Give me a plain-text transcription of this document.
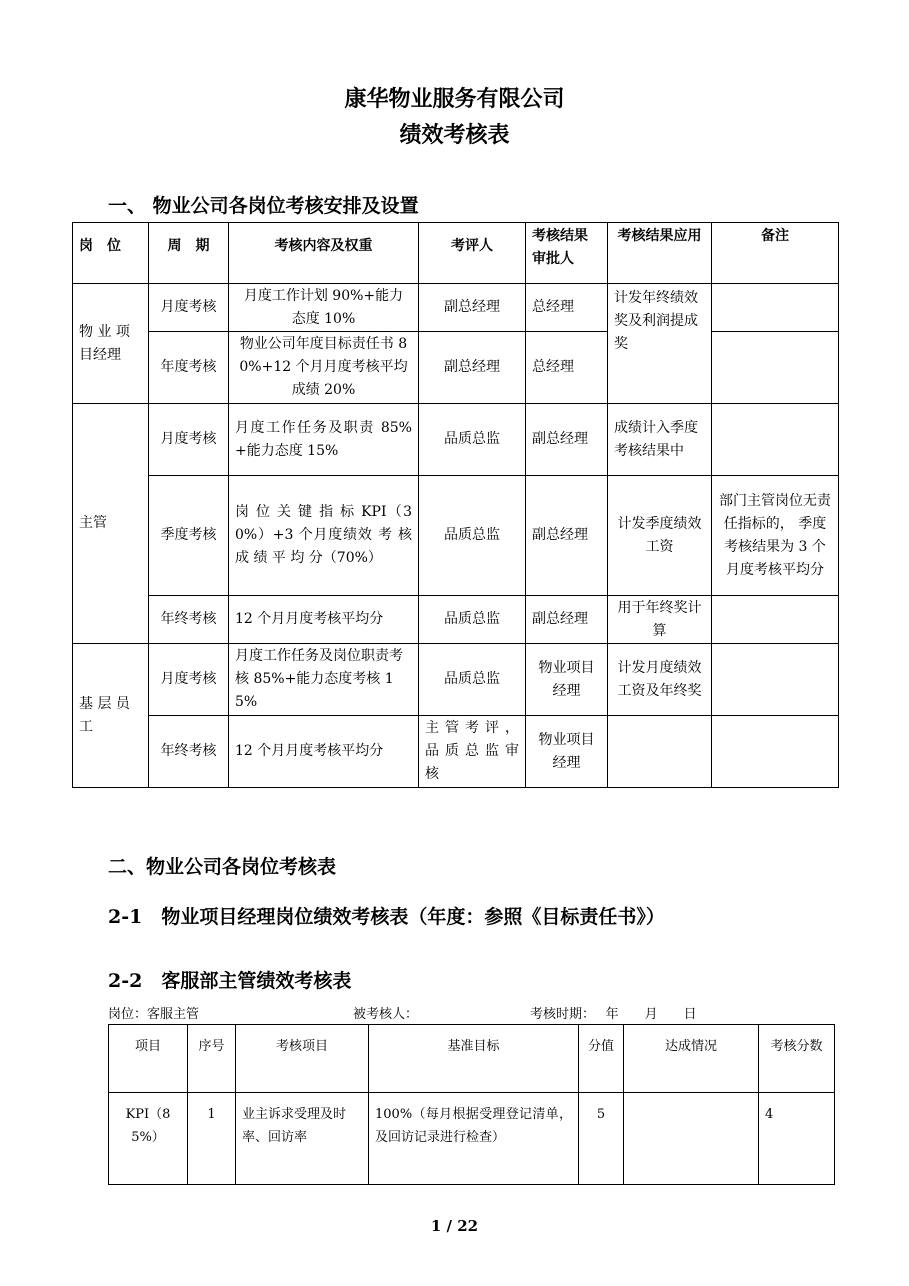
康华物业服务有限公司
绩效考核表
一、 物业公司各岗位考核安排及设置
岗　位	周　期	考核内容及权重	考评人	考核结果审批人	考核结果应用	备注
物 业 项 目经理	月度考核	月度工作计划 90%+能力 态度 10%	副总经理	总经理	计发年终绩效奖及利润提成奖	
	年度考核	物业公司年度目标责任书 80%+12 个月月度考核平均成绩 20%	副总经理	总经理		
主管	月度考核	月度工作任务及职责 85%+能力态度 15%	品质总监	副总经理	成绩计入季度考核结果中	
	季度考核	岗 位 关 键 指 标 KPI（30%）+3 个月度绩效 考 核 成 绩 平 均 分（70%）	品质总监	副总经理	计发季度绩效工资	部门主管岗位无责任指标的， 季度考核结果为 3 个月度考核平均分
	年终考核	12 个月月度考核平均分	品质总监	副总经理	用于年终奖计算	
基 层 员 工	月度考核	月度工作任务及岗位职责考核 85%+能力态度考核 15%	品质总监	物业项目经理	计发月度绩效工资及年终奖	
	年终考核	12 个月月度考核平均分	主 管 考 评 ，品 质 总 监 审核	物业项目经理		
二、物业公司各岗位考核表
2-1　物业项目经理岗位绩效考核表（年度：参照《目标责任书》）
2-2　客服部主管绩效考核表
岗位：客服主管	被考核人：	考核时期：　 年　　月　　日
项目	序号	考核项目	基准目标	分值	达成情况	考核分数
KPI（85%）	1	业主诉求受理及时率、回访率	100%（每月根据受理登记清单，及回访记录进行检查）	5		4
1 / 22
